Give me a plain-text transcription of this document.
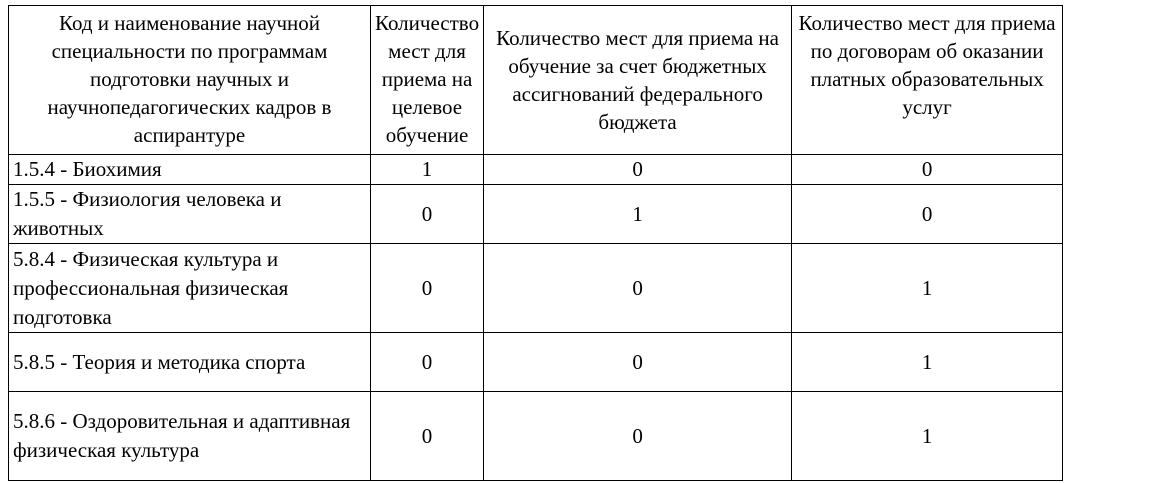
Код и наименование научной специальности по программам подготовки научных и научнопедагогических кадров в аспирантуре	Количество мест для приема на целевое обучение	Количество мест для приема на обучение за счет бюджетных ассигнований федерального бюджета	Количество мест для приема по договорам об оказании платных образовательных услуг
1.5.4 - Биохимия	1	0	0
1.5.5 - Физиология человека и животных	0	1	0
5.8.4 - Физическая культура и профессиональная физическая подготовка	0	0	1
5.8.5 - Теория и методика спорта	0	0	1
5.8.6 - Оздоровительная и адаптивная физическая культура	0	0	1
